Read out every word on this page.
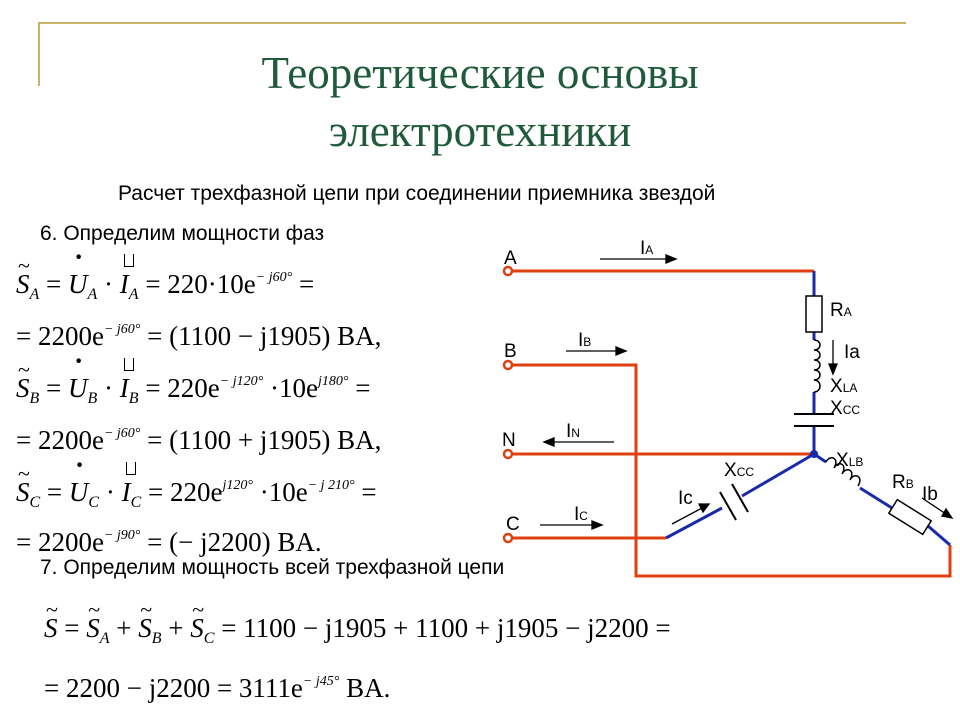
Теоретические основы
электротехники
Расчет трехфазной цепи при соединении приемника звездой
6. Определим мощности фаз
~ $S_A$ = · $U_A \cdot I_A = 220\cdot 10e^{- j60^\circ}$ =
= $2200e^{- j60^\circ} = (1100 - j1905)$ BA,
~ $S_B$ = · $U_B \cdot I_B = 220e^{- j120^\circ} \cdot 10e^{j180^\circ}$ =
= $2200e^{- j60^\circ} = (1100 + j1905)$ BA,
~ $S_C$ = · $U_C \cdot I_C = 220e^{j120^\circ} \cdot 10e^{- j 210^\circ}$ =
= $2200e^{- j90^\circ}$ = (− j2200) BA.
7. Определим мощность всей трехфазной цепи
~ S = ~ $S_A$ + ~ $S_B$ + ~ $S_C = 1100 - j1905 + 1100 + j1905 - j2200$ =
= $2200 - j2200 = 3111e^{- j45^\circ}$ BA.
A
B
N
C
IA
IB
IN
IC
RA
Ia
XLA
XCC
XLB
RB Ib
XCC
Ic
